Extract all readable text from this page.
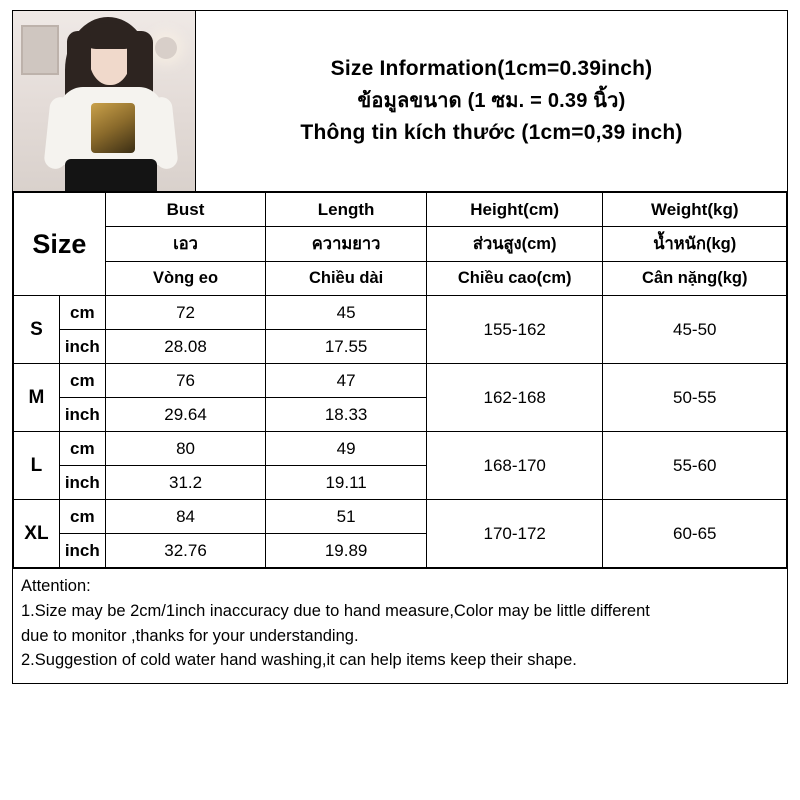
Size Information(1cm=0.39inch)
ข้อมูลขนาด (1 ซม. = 0.39 นิ้ว)
Thông tin kích thước (1cm=0,39 inch)
Size		Bust	Length	Height(cm)	Weight(kg)
		เอว	ความยาว	ส่วนสูง(cm)	น้ำหนัก(kg)
		Vòng eo	Chiều dài	Chiều cao(cm)	Cân nặng(kg)
S	cm	72	45	155-162	45-50
	inch	28.08	17.55		
M	cm	76	47	162-168	50-55
	inch	29.64	18.33		
L	cm	80	49	168-170	55-60
	inch	31.2	19.11		
XL	cm	84	51	170-172	60-65
	inch	32.76	19.89		

Attention:

1.Size may be 2cm/1inch inaccuracy due to hand measure,Color may be little different

due to monitor ,thanks for your understanding.

2.Suggestion of cold water hand washing,it can help items keep their shape.
